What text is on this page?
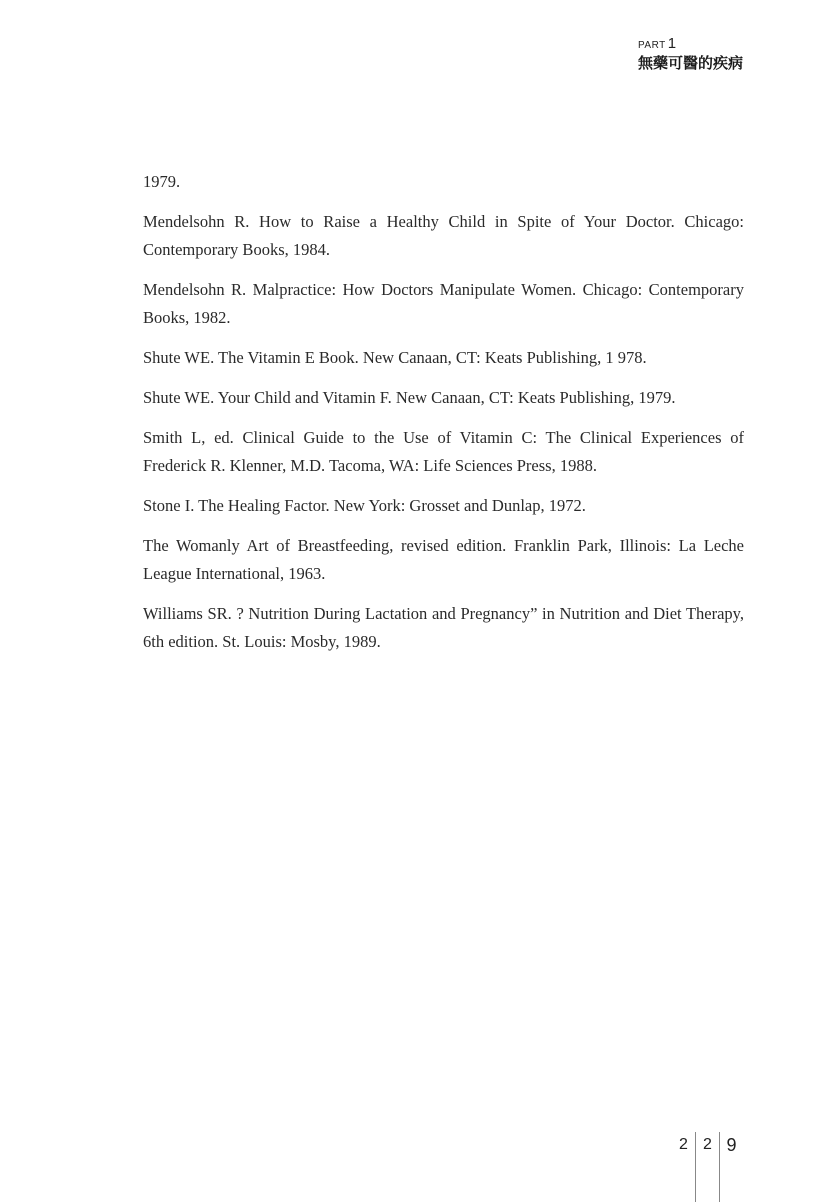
PART 1
無藥可醫的疾病
1979.
Mendelsohn R. How to Raise a Healthy Child in Spite of Your Doctor. Chicago: Contemporary Books, 1984.
Mendelsohn R. Malpractice: How Doctors Manipulate Women. Chicago: Contemporary Books, 1982.
Shute WE. The Vitamin E Book. New Canaan, CT: Keats Publishing, 1 978.
Shute WE. Your Child and Vitamin F. New Canaan, CT: Keats Publishing, 1979.
Smith L, ed. Clinical Guide to the Use of Vitamin C: The Clinical Experiences of Frederick R. Klenner, M.D. Tacoma, WA: Life Sciences Press, 1988.
Stone I. The Healing Factor. New York: Grosset and Dunlap, 1972.
The Womanly Art of Breastfeeding, revised edition. Franklin Park, Illinois: La Leche League International, 1963.
Williams SR. ? Nutrition During Lactation and Pregnancy” in Nutrition and Diet Therapy, 6th edition. St. Louis: Mosby, 1989.
2 2 9
